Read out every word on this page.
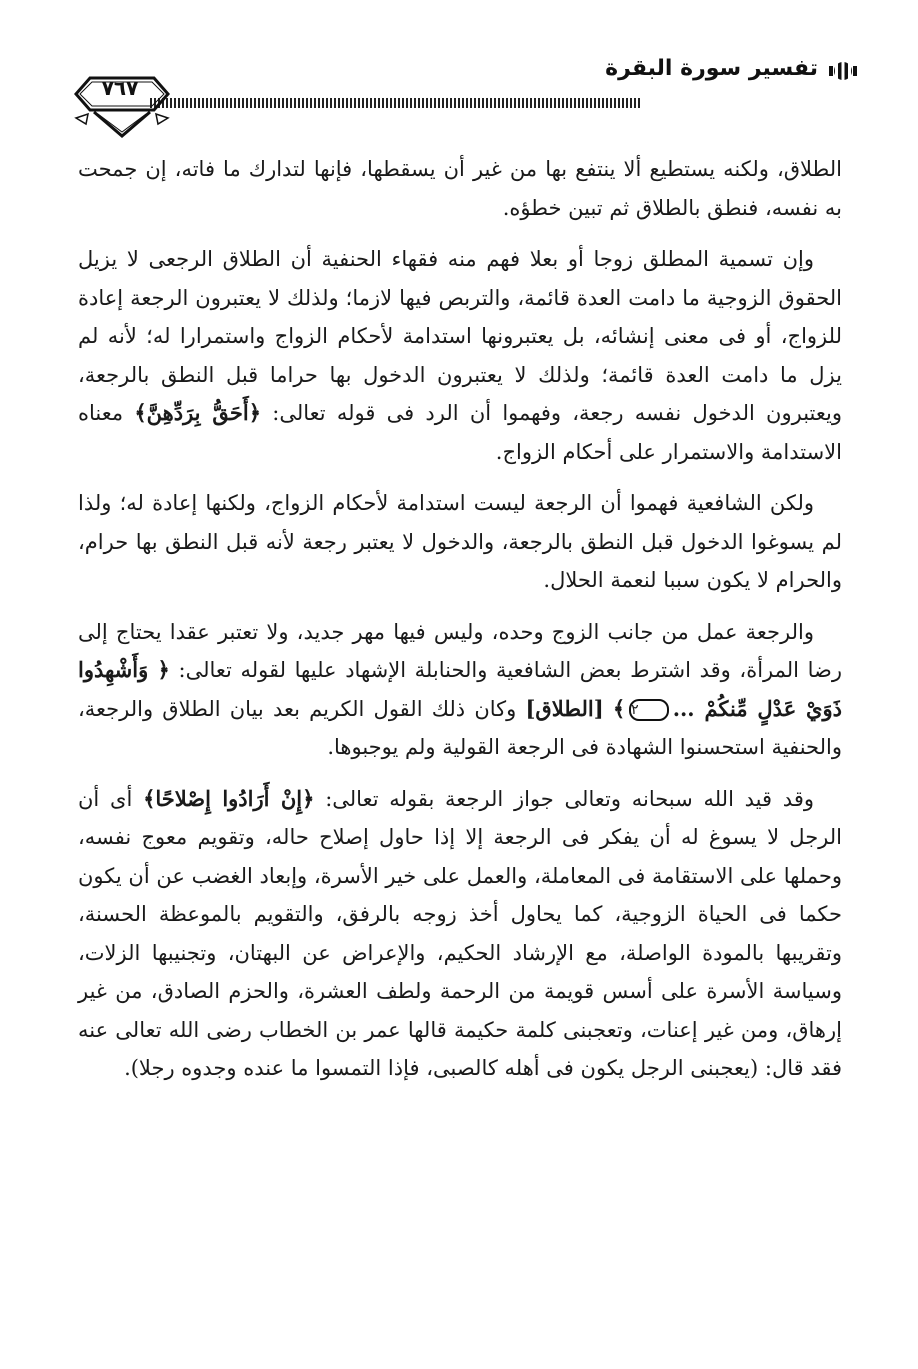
تفسير سورة البقرة
٧٦٧

الطلاق، ولكنه يستطيع ألا ينتفع بها من غير أن يسقطها، فإنها لتدارك ما فاته، إن جمحت به نفسه، فنطق بالطلاق ثم تبين خطؤه.

وإن تسمية المطلق زوجا أو بعلا فهم منه فقهاء الحنفية أن الطلاق الرجعى لا يزيل الحقوق الزوجية ما دامت العدة قائمة، والتربص فيها لازما؛ ولذلك لا يعتبرون الرجعة إعادة للزواج، أو فى معنى إنشائه، بل يعتبرونها استدامة لأحكام الزواج واستمرارا له؛ لأنه لم يزل ما دامت العدة قائمة؛ ولذلك لا يعتبرون الدخول بها حراما قبل النطق بالرجعة، ويعتبرون الدخول نفسه رجعة، وفهموا أن الرد فى قوله تعالى: ﴿أَحَقُّ بِرَدِّهِنَّ﴾ معناه الاستدامة والاستمرار على أحكام الزواج.

ولكن الشافعية فهموا أن الرجعة ليست استدامة لأحكام الزواج، ولكنها إعادة له؛ ولذا لم يسوغوا الدخول قبل النطق بالرجعة، والدخول لا يعتبر رجعة لأنه قبل النطق بها حرام، والحرام لا يكون سببا لنعمة الحلال.

والرجعة عمل من جانب الزوج وحده، وليس فيها مهر جديد، ولا تعتبر عقدا يحتاج إلى رضا المرأة، وقد اشترط بعض الشافعية والحنابلة الإشهاد عليها لقوله تعالى: ﴿ وَأَشْهِدُوا ذَوَيْ عَدْلٍ مِّنكُمْ ...٢﴾ [الطلاق] وكان ذلك القول الكريم بعد بيان الطلاق والرجعة، والحنفية استحسنوا الشهادة فى الرجعة القولية ولم يوجبوها.

وقد قيد الله سبحانه وتعالى جواز الرجعة بقوله تعالى: ﴿إِنْ أَرَادُوا إِصْلاحًا﴾ أى أن الرجل لا يسوغ له أن يفكر فى الرجعة إلا إذا حاول إصلاح حاله، وتقويم معوج نفسه، وحملها على الاستقامة فى المعاملة، والعمل على خير الأسرة، وإبعاد الغضب عن أن يكون حكما فى الحياة الزوجية، كما يحاول أخذ زوجه بالرفق، والتقويم بالموعظة الحسنة، وتقريبها بالمودة الواصلة، مع الإرشاد الحكيم، والإعراض عن البهتان، وتجنيبها الزلات، وسياسة الأسرة على أسس قويمة من الرحمة ولطف العشرة، والحزم الصادق، من غير إرهاق، ومن غير إعنات، وتعجبنى كلمة حكيمة قالها عمر بن الخطاب رضى الله تعالى عنه فقد قال: (يعجبنى الرجل يكون فى أهله كالصبى، فإذا التمسوا ما عنده وجدوه رجلا).
